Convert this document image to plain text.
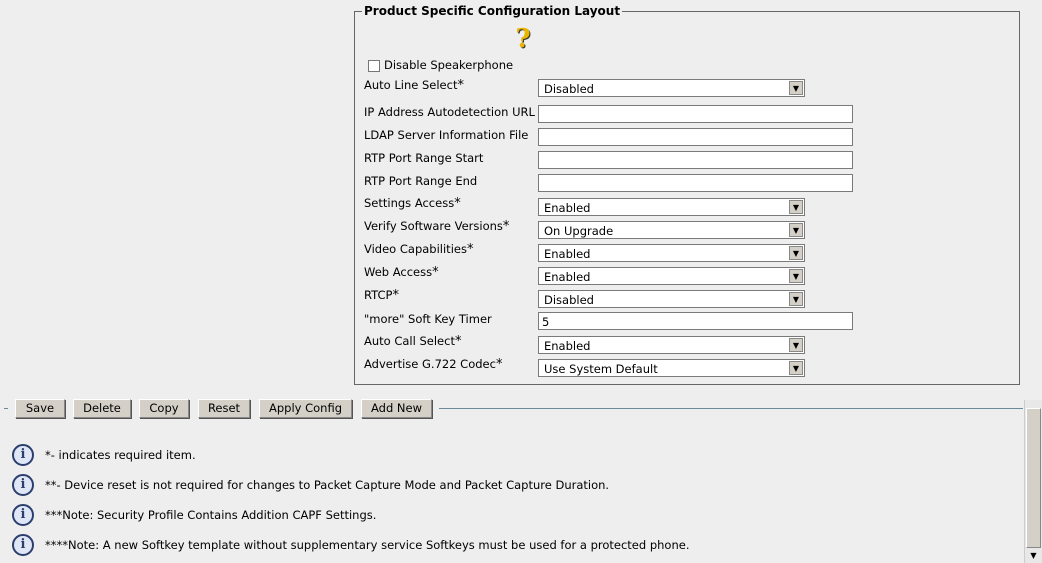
Product Specific Configuration Layout
?
Disable Speakerphone
Auto Line Select*	Disabled	▼
IP Address Autodetection URL
LDAP Server Information File
RTP Port Range Start
RTP Port Range End
Settings Access*	Enabled	▼
Verify Software Versions*	On Upgrade	▼
Video Capabilities*	Enabled	▼
Web Access*	Enabled	▼
RTCP*	Disabled	▼
"more" Soft Key Timer	5
Auto Call Select*	Enabled	▼
Advertise G.722 Codec*	Use System Default	▼
Save	Delete	Copy	Reset	Apply Config	Add New
i	*- indicates required item.
i	**- Device reset is not required for changes to Packet Capture Mode and Packet Capture Duration.
i	***Note: Security Profile Contains Addition CAPF Settings.
i	****Note: A new Softkey template without supplementary service Softkeys must be used for a protected phone.
▼
